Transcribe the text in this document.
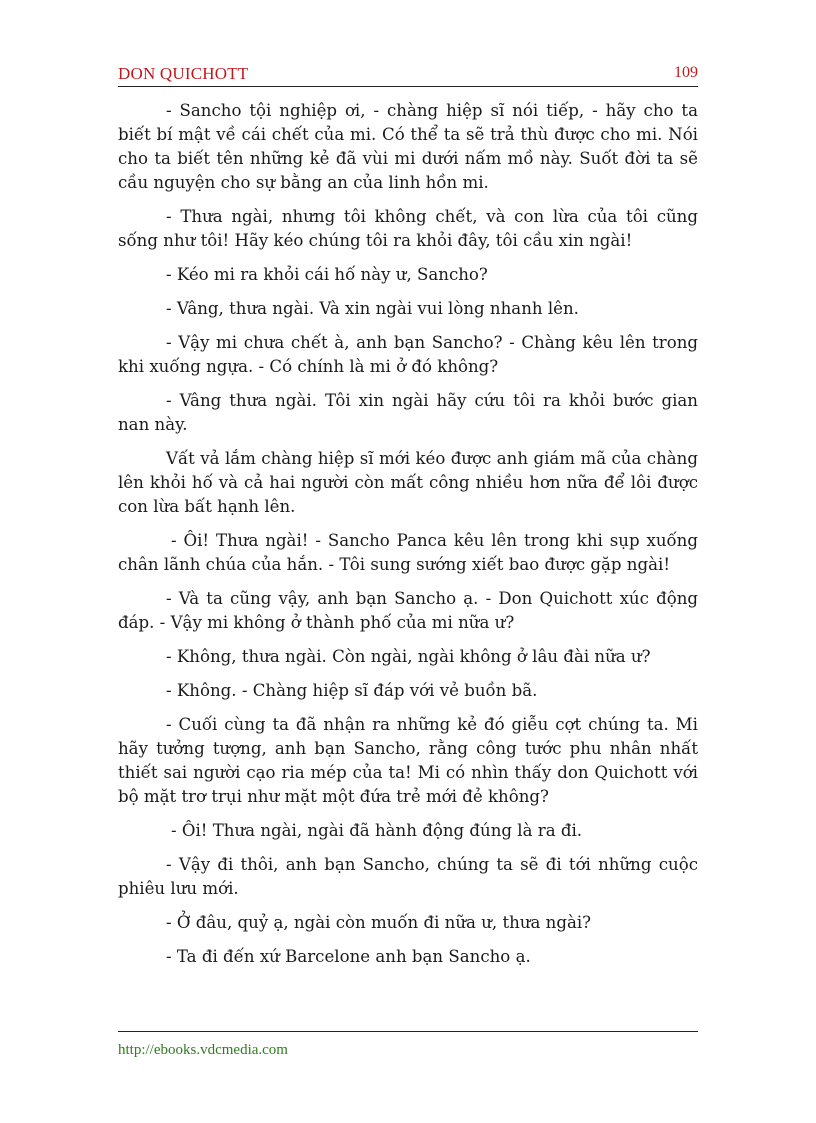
DON QUICHOTT	109

- Sancho tội nghiệp ơi, - chàng hiệp sĩ nói tiếp, - hãy cho ta biết bí mật về cái chết của mi. Có thể ta sẽ trả thù được cho mi. Nói cho ta biết tên những kẻ đã vùi mi dưới nấm mồ này. Suốt đời ta sẽ cầu nguyện cho sự bằng an của linh hồn mi.

- Thưa ngài, nhưng tôi không chết, và con lừa của tôi cũng sống như tôi! Hãy kéo chúng tôi ra khỏi đây, tôi cầu xin ngài!

- Kéo mi ra khỏi cái hố này ư, Sancho?

- Vâng, thưa ngài. Và xin ngài vui lòng nhanh lên.

- Vậy mi chưa chết à, anh bạn Sancho? - Chàng kêu lên trong khi xuống ngựa. - Có chính là mi ở đó không?

- Vâng thưa ngài. Tôi xin ngài hãy cứu tôi ra khỏi bước gian nan này.

Vất vả lắm chàng hiệp sĩ mới kéo được anh giám mã của chàng lên khỏi hố và cả hai người còn mất công nhiều hơn nữa để lôi được con lừa bất hạnh lên.

- Ôi! Thưa ngài! - Sancho Panca kêu lên trong khi sụp xuống chân lãnh chúa của hắn. - Tôi sung sướng xiết bao được gặp ngài!

- Và ta cũng vậy, anh bạn Sancho ạ. - Don Quichott xúc động đáp. - Vậy mi không ở thành phố của mi nữa ư?

- Không, thưa ngài. Còn ngài, ngài không ở lâu đài nữa ư?

- Không. - Chàng hiệp sĩ đáp với vẻ buồn bã.

- Cuối cùng ta đã nhận ra những kẻ đó giễu cợt chúng ta. Mi hãy tưởng tượng, anh bạn Sancho, rằng công tước phu nhân nhất thiết sai người cạo ria mép của ta! Mi có nhìn thấy don Quichott với bộ mặt trơ trụi như mặt một đứa trẻ mới đẻ không?

- Ôi! Thưa ngài, ngài đã hành động đúng là ra đi.

- Vậy đi thôi, anh bạn Sancho, chúng ta sẽ đi tới những cuộc phiêu lưu mới.

- Ở đâu, quỷ ạ, ngài còn muốn đi nữa ư, thưa ngài?

- Ta đi đến xứ Barcelone anh bạn Sancho ạ.

http://ebooks.vdcmedia.com
